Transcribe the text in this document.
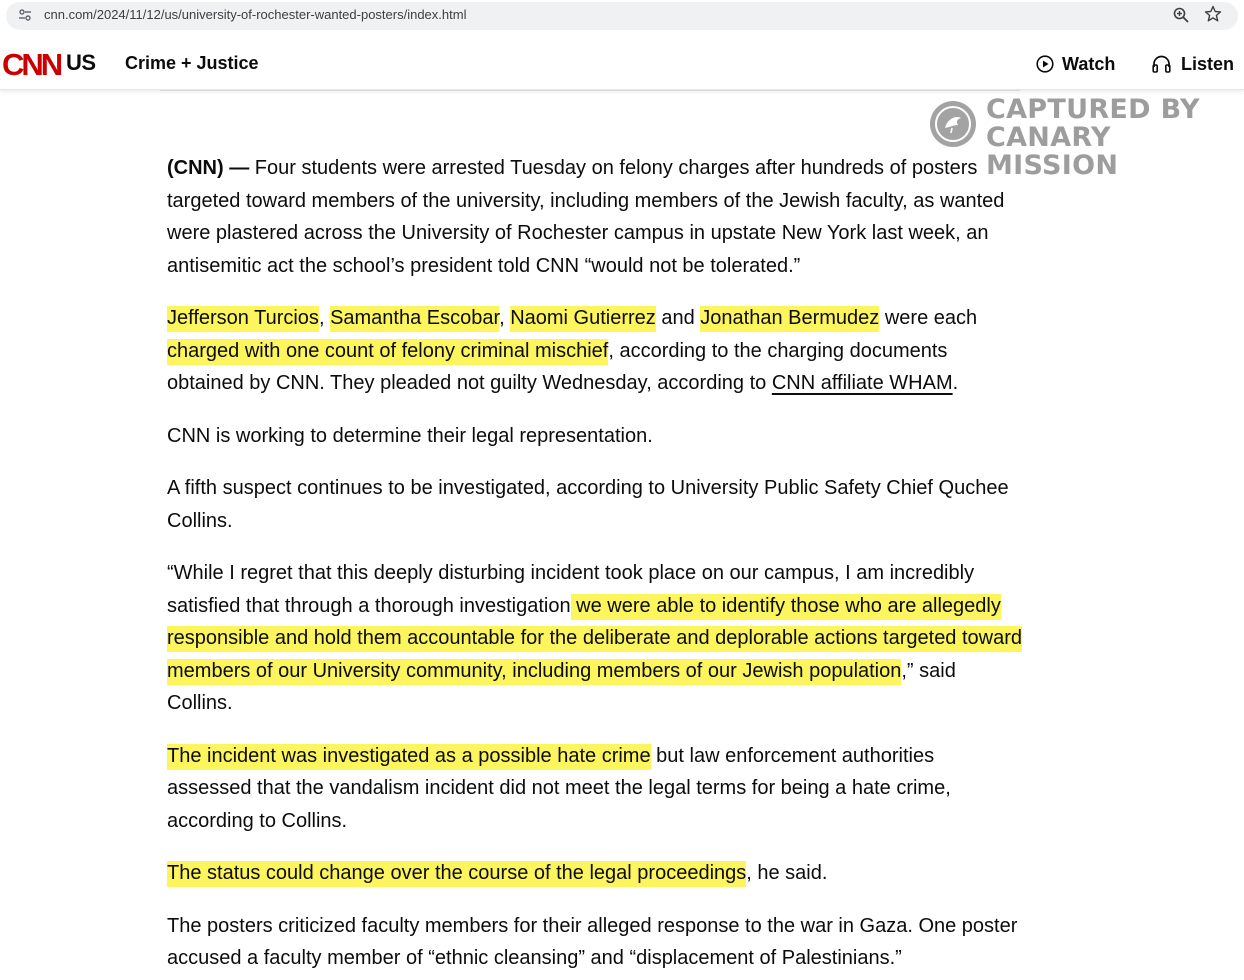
cnn.com/2024/11/12/us/university-of-rochester-wanted-posters/index.html
CNN US Crime + Justice	Watch	Listen
CAPTURED BY
CANARY MISSION

(CNN) — Four students were arrested Tuesday on felony charges after hundreds of posters targeted toward members of the university, including members of the Jewish faculty, as wanted were plastered across the University of Rochester campus in upstate New York last week, an antisemitic act the school’s president told CNN “would not be tolerated.”

Jefferson Turcios, Samantha Escobar, Naomi Gutierrez and Jonathan Bermudez were each charged with one count of felony criminal mischief, according to the charging documents obtained by CNN. They pleaded not guilty Wednesday, according to CNN affiliate WHAM.

CNN is working to determine their legal representation.

A fifth suspect continues to be investigated, according to University Public Safety Chief Quchee Collins.

“While I regret that this deeply disturbing incident took place on our campus, I am incredibly satisfied that through a thorough investigation we were able to identify those who are allegedly responsible and hold them accountable for the deliberate and deplorable actions targeted toward members of our University community, including members of our Jewish population,” said Collins.

The incident was investigated as a possible hate crime but law enforcement authorities assessed that the vandalism incident did not meet the legal terms for being a hate crime, according to Collins.

The status could change over the course of the legal proceedings, he said.

The posters criticized faculty members for their alleged response to the war in Gaza. One poster accused a faculty member of “ethnic cleansing” and “displacement of Palestinians.”
